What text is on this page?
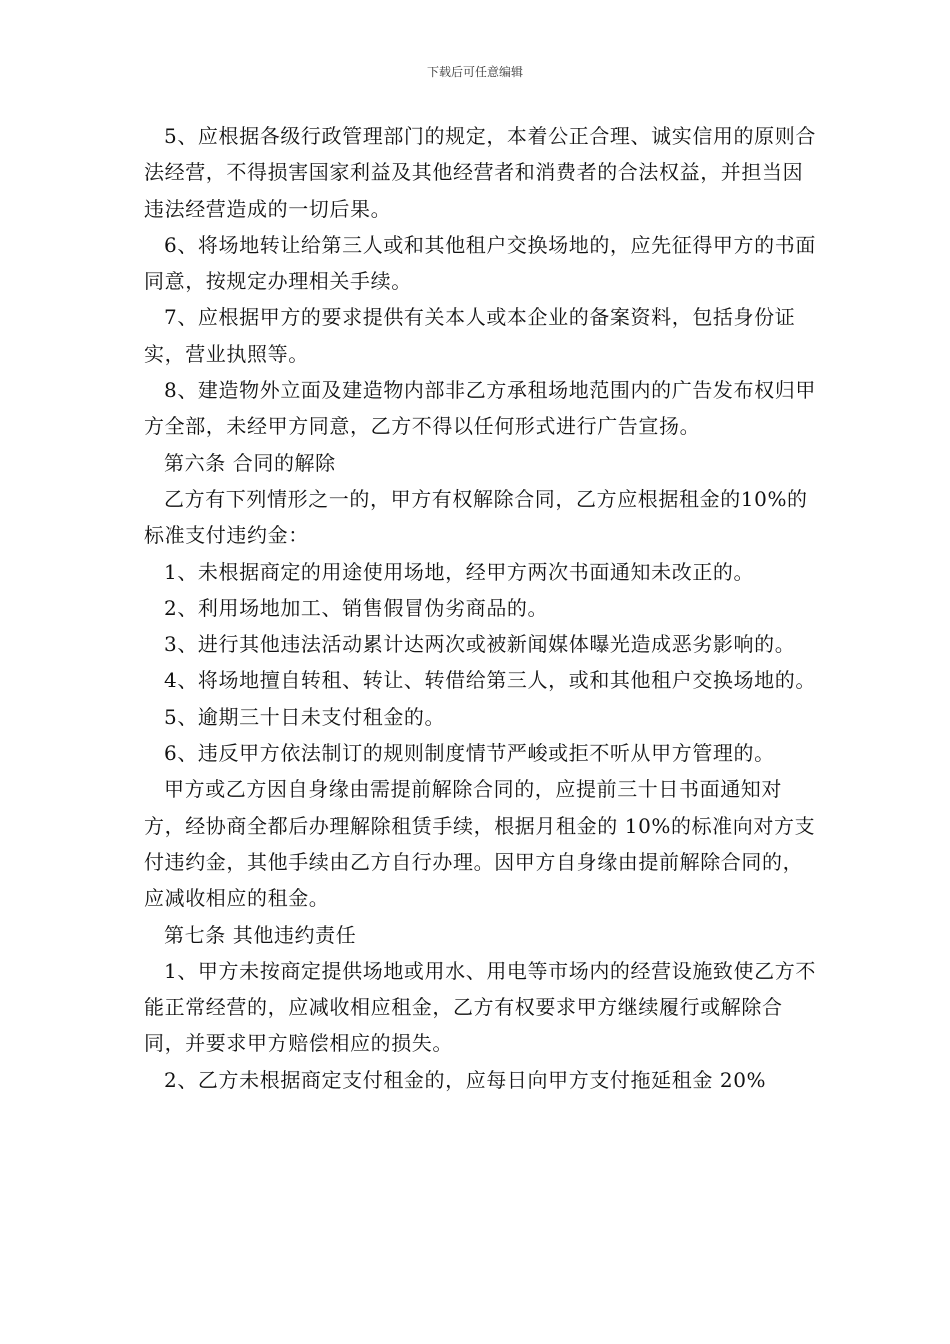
下载后可任意编辑

5、应根据各级行政管理部门的规定，本着公正合理、诚实信用的原则合法经营，不得损害国家利益及其他经营者和消费者的合法权益，并担当因违法经营造成的一切后果。

6、将场地转让给第三人或和其他租户交换场地的，应先征得甲方的书面同意，按规定办理相关手续。

7、应根据甲方的要求提供有关本人或本企业的备案资料，包括身份证实，营业执照等。

8、建造物外立面及建造物内部非乙方承租场地范围内的广告发布权归甲方全部，未经甲方同意，乙方不得以任何形式进行广告宣扬。

第六条 合同的解除

乙方有下列情形之一的，甲方有权解除合同，乙方应根据租金的10%的标准支付违约金：

1、未根据商定的用途使用场地，经甲方两次书面通知未改正的。

2、利用场地加工、销售假冒伪劣商品的。

3、进行其他违法活动累计达两次或被新闻媒体曝光造成恶劣影响的。

4、将场地擅自转租、转让、转借给第三人，或和其他租户交换场地的。

5、逾期三十日未支付租金的。

6、违反甲方依法制订的规则制度情节严峻或拒不听从甲方管理的。

甲方或乙方因自身缘由需提前解除合同的，应提前三十日书面通知对方，经协商全都后办理解除租赁手续，根据月租金的 10%的标准向对方支付违约金，其他手续由乙方自行办理。因甲方自身缘由提前解除合同的，应减收相应的租金。

第七条 其他违约责任

1、甲方未按商定提供场地或用水、用电等市场内的经营设施致使乙方不能正常经营的，应减收相应租金，乙方有权要求甲方继续履行或解除合同，并要求甲方赔偿相应的损失。

2、乙方未根据商定支付租金的，应每日向甲方支付拖延租金 20%
